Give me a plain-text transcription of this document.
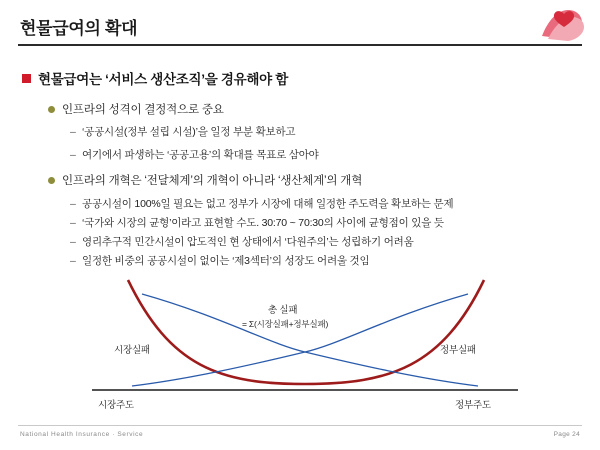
현물급여의 확대
현물급여는 ‘서비스 생산조직’을 경유해야 함
인프라의 성격이 결정적으로 중요
– ‘공공시설(정부 설립 시설)’을 일정 부분 확보하고
– 여기에서 파생하는 ‘공공고용’의 확대를 목표로 삼아야
인프라의 개혁은 ‘전달체계’의 개혁이 아니라 ‘생산체계’의 개혁
– 공공시설이 100%일 필요는 없고 정부가 시장에 대해 일정한 주도력을 확보하는 문제
– ‘국가와 시장의 균형’이라고 표현할 수도. 30:70 ~ 70:30의 사이에 균형점이 있을 듯
– 영리추구적 민간시설이 압도적인 현 상태에서 ‘다원주의’는 성립하기 어려움
– 일정한 비중의 공공시설이 없이는 ‘제3섹터’의 성장도 어려울 것임
총 실패
= Σ(시장실패+정부실패)
시장실패	정부실패
시장주도	정부주도
National Health Insurance · Service	Page 24
